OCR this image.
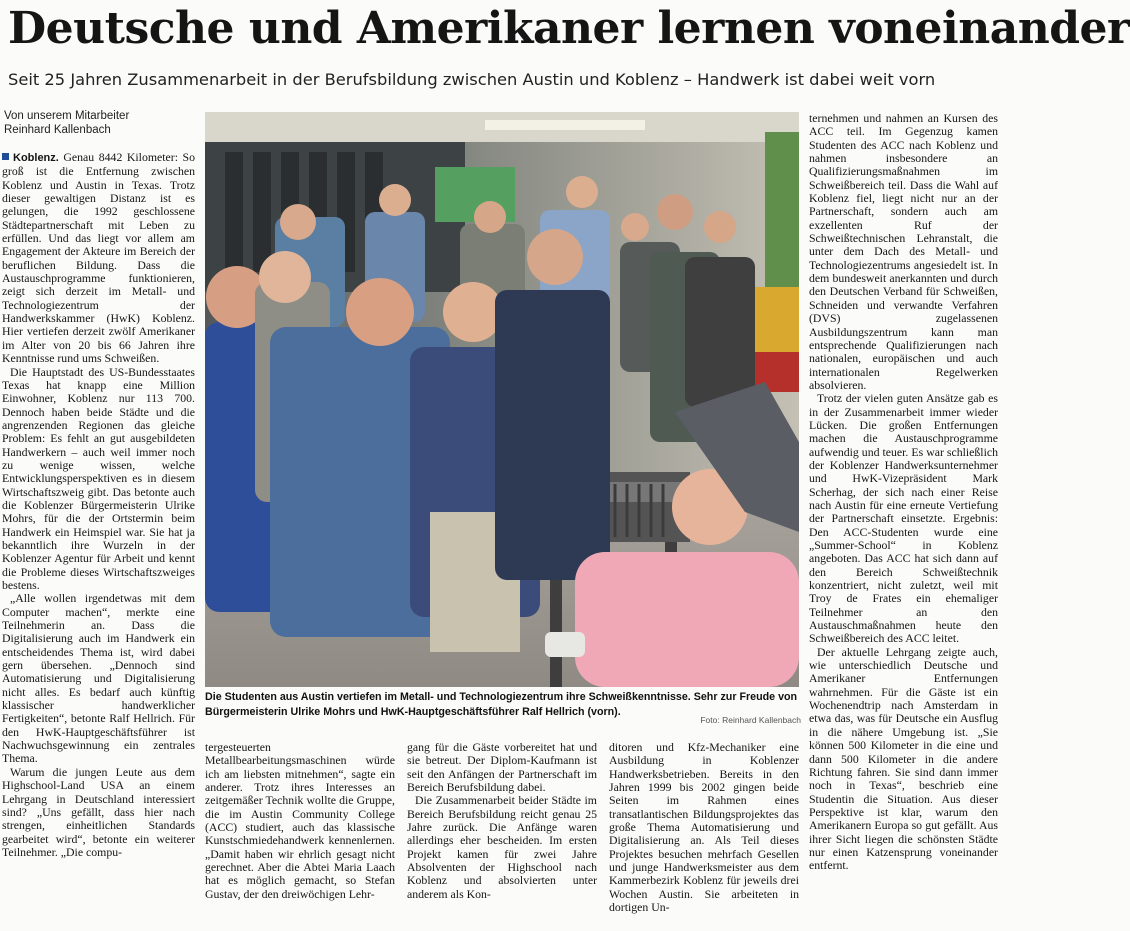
Deutsche und Amerikaner lernen voneinander
Seit 25 Jahren Zusammenarbeit in der Berufsbildung zwischen Austin und Koblenz – Handwerk ist dabei weit vorn
Von unserem Mitarbeiter
Reinhard Kallenbach

Koblenz. Genau 8442 Kilometer: So groß ist die Entfernung zwischen Koblenz und Austin in Texas. Trotz dieser gewaltigen Distanz ist es gelungen, die 1992 geschlossene Städtepartnerschaft mit Leben zu erfüllen. Und das liegt vor allem am Engagement der Akteure im Bereich der beruflichen Bildung. Dass die Austauschprogramme funktionieren, zeigt sich derzeit im Metall- und Technologiezentrum der Handwerkskammer (HwK) Koblenz. Hier vertiefen derzeit zwölf Amerikaner im Alter von 20 bis 66 Jahren ihre Kenntnisse rund ums Schweißen.

Die Hauptstadt des US-Bundesstaates Texas hat knapp eine Million Einwohner, Koblenz nur 113 700. Dennoch haben beide Städte und die angrenzenden Regionen das gleiche Problem: Es fehlt an gut ausgebildeten Handwerkern – auch weil immer noch zu wenige wissen, welche Entwicklungsperspektiven es in diesem Wirtschaftszweig gibt. Das betonte auch die Koblenzer Bürgermeisterin Ulrike Mohrs, für die der Ortstermin beim Handwerk ein Heimspiel war. Sie hat ja bekanntlich ihre Wurzeln in der Koblenzer Agentur für Arbeit und kennt die Probleme dieses Wirtschaftszweiges bestens.

„Alle wollen irgendetwas mit dem Computer machen“, merkte eine Teilnehmerin an. Dass die Digitalisierung auch im Handwerk ein entscheidendes Thema ist, wird dabei gern übersehen. „Dennoch sind Automatisierung und Digitalisierung nicht alles. Es bedarf auch künftig klassischer handwerklicher Fertigkeiten“, betonte Ralf Hellrich. Für den HwK-Hauptgeschäftsführer ist Nachwuchsgewinnung ein zentrales Thema.

Warum die jungen Leute aus dem Highschool-Land USA an einem Lehrgang in Deutschland interessiert sind? „Uns gefällt, dass hier nach strengen, einheitlichen Standards gearbeitet wird“, betonte ein weiterer Teilnehmer. „Die compu-

Die Studenten aus Austin vertiefen im Metall- und Technologiezentrum ihre Schweißkenntnisse. Sehr zur Freude von Bürgermeisterin Ulrike Mohrs und HwK-Hauptgeschäftsführer Ralf Hellrich (vorn).
Foto: Reinhard Kallenbach

tergesteuerten Metallbearbeitungsmaschinen würde ich am liebsten mitnehmen“, sagte ein anderer. Trotz ihres Interesses an zeitgemäßer Technik wollte die Gruppe, die im Austin Community College (ACC) studiert, auch das klassische Kunstschmiedehandwerk kennenlernen. „Damit haben wir ehrlich gesagt nicht gerechnet. Aber die Abtei Maria Laach hat es möglich gemacht, so Stefan Gustav, der den dreiwöchigen Lehr-

gang für die Gäste vorbereitet hat und sie betreut. Der Diplom-Kaufmann ist seit den Anfängen der Partnerschaft im Bereich Berufsbildung dabei.

Die Zusammenarbeit beider Städte im Bereich Berufsbildung reicht genau 25 Jahre zurück. Die Anfänge waren allerdings eher bescheiden. Im ersten Projekt kamen für zwei Jahre Absolventen der Highschool nach Koblenz und absolvierten unter anderem als Kon-

ditoren und Kfz-Mechaniker eine Ausbildung in Koblenzer Handwerksbetrieben. Bereits in den Jahren 1999 bis 2002 gingen beide Seiten im Rahmen eines transatlantischen Bildungsprojektes das große Thema Automatisierung und Digitalisierung an. Als Teil dieses Projektes besuchen mehrfach Gesellen und junge Handwerksmeister aus dem Kammerbezirk Koblenz für jeweils drei Wochen Austin. Sie arbeiteten in dortigen Un-

ternehmen und nahmen an Kursen des ACC teil. Im Gegenzug kamen Studenten des ACC nach Koblenz und nahmen insbesondere an Qualifizierungsmaßnahmen im Schweißbereich teil. Dass die Wahl auf Koblenz fiel, liegt nicht nur an der Partnerschaft, sondern auch am exzellenten Ruf der Schweißtechnischen Lehranstalt, die unter dem Dach des Metall- und Technologiezentrums angesiedelt ist. In dem bundesweit anerkannten und durch den Deutschen Verband für Schweißen, Schneiden und verwandte Verfahren (DVS) zugelassenen Ausbildungszentrum kann man entsprechende Qualifizierungen nach nationalen, europäischen und auch internationalen Regelwerken absolvieren.

Trotz der vielen guten Ansätze gab es in der Zusammenarbeit immer wieder Lücken. Die großen Entfernungen machen die Austauschprogramme aufwendig und teuer. Es war schließlich der Koblenzer Handwerksunternehmer und HwK-Vizepräsident Mark Scherhag, der sich nach einer Reise nach Austin für eine erneute Vertiefung der Partnerschaft einsetzte. Ergebnis: Den ACC-Studenten wurde eine „Summer-School“ in Koblenz angeboten. Das ACC hat sich dann auf den Bereich Schweißtechnik konzentriert, nicht zuletzt, weil mit Troy de Frates ein ehemaliger Teilnehmer an den Austauschmaßnahmen heute den Schweißbereich des ACC leitet.

Der aktuelle Lehrgang zeigte auch, wie unterschiedlich Deutsche und Amerikaner Entfernungen wahrnehmen. Für die Gäste ist ein Wochenendtrip nach Amsterdam in etwa das, was für Deutsche ein Ausflug in die nähere Umgebung ist. „Sie können 500 Kilometer in die eine und dann 500 Kilometer in die andere Richtung fahren. Sie sind dann immer noch in Texas“, beschrieb eine Studentin die Situation. Aus dieser Perspektive ist klar, warum den Amerikanern Europa so gut gefällt. Aus ihrer Sicht liegen die schönsten Städte nur einen Katzensprung voneinander entfernt.
